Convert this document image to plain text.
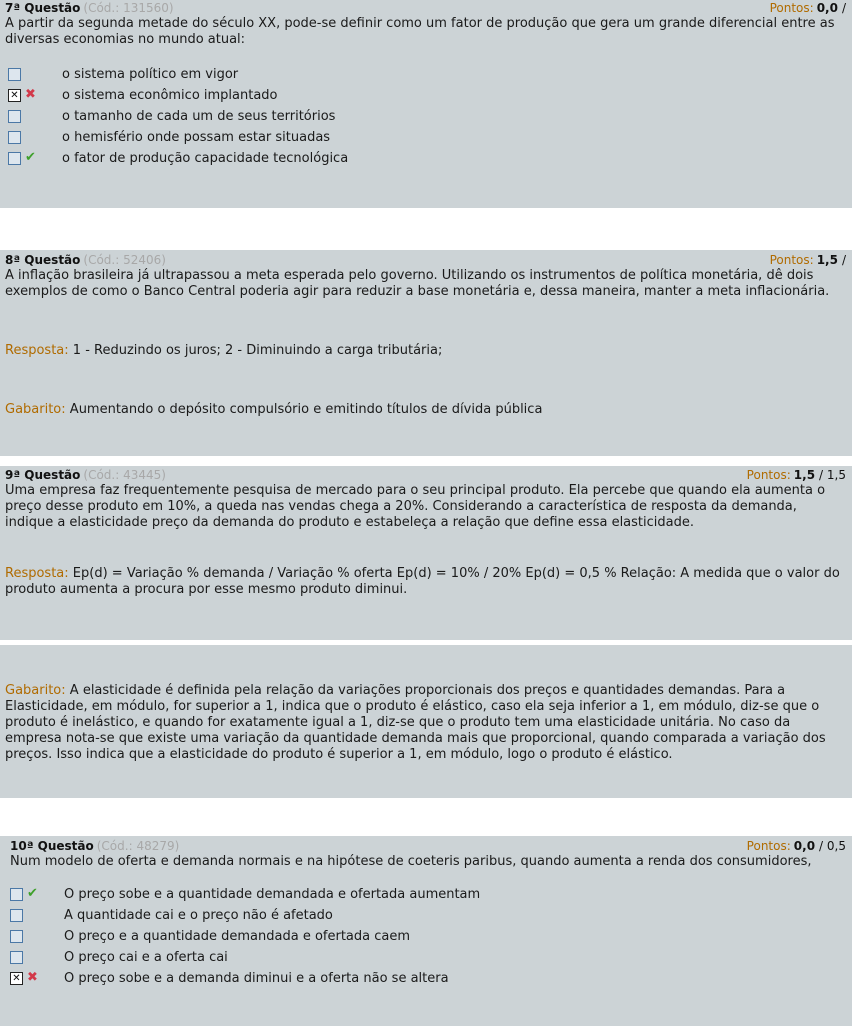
7ª Questão (Cód.: 131560)	Pontos: 0,0 /
A partir da segunda metade do século XX, pode-se definir como um fator de produção que gera um grande diferencial entre as diversas economias no mundo atual:
o sistema político em vigor
✕ ✖ o sistema econômico implantado
o tamanho de cada um de seus territórios
o hemisfério onde possam estar situadas
✔ o fator de produção capacidade tecnológica
8ª Questão (Cód.: 52406)	Pontos: 1,5 /
A inflação brasileira já ultrapassou a meta esperada pelo governo. Utilizando os instrumentos de política monetária, dê dois exemplos de como o Banco Central poderia agir para reduzir a base monetária e, dessa maneira, manter a meta inflacionária.
Resposta: 1 - Reduzindo os juros; 2 - Diminuindo a carga tributária;
Gabarito: Aumentando o depósito compulsório e emitindo títulos de dívida pública
9ª Questão (Cód.: 43445)	Pontos: 1,5 / 1,5
Uma empresa faz frequentemente pesquisa de mercado para o seu principal produto. Ela percebe que quando ela aumenta o preço desse produto em 10%, a queda nas vendas chega a 20%. Considerando a característica de resposta da demanda, indique a elasticidade preço da demanda do produto e estabeleça a relação que define essa elasticidade.
Resposta: Ep(d) = Variação % demanda / Variação % oferta Ep(d) = 10% / 20% Ep(d) = 0,5 % Relação: A medida que o valor do produto aumenta a procura por esse mesmo produto diminui.
Gabarito: A elasticidade é definida pela relação da variações proporcionais dos preços e quantidades demandas. Para a Elasticidade, em módulo, for superior a 1, indica que o produto é elástico, caso ela seja inferior a 1, em módulo, diz-se que o produto é inelástico, e quando for exatamente igual a 1, diz-se que o produto tem uma elasticidade unitária. No caso da empresa nota-se que existe uma variação da quantidade demanda mais que proporcional, quando comparada a variação dos preços. Isso indica que a elasticidade do produto é superior a 1, em módulo, logo o produto é elástico.
10ª Questão (Cód.: 48279)	Pontos: 0,0 / 0,5
Num modelo de oferta e demanda normais e na hipótese de coeteris paribus, quando aumenta a renda dos consumidores,
✔ O preço sobe e a quantidade demandada e ofertada aumentam
A quantidade cai e o preço não é afetado
O preço e a quantidade demandada e ofertada caem
O preço cai e a oferta cai
✕ ✖ O preço sobe e a demanda diminui e a oferta não se altera
